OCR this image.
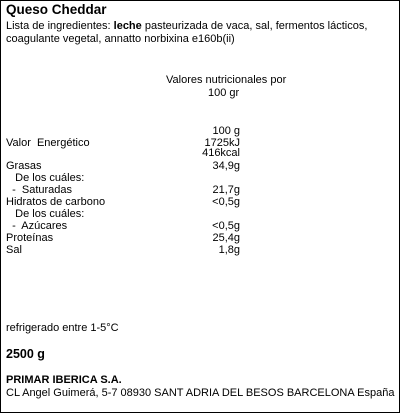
Queso Cheddar
Lista de ingredientes: leche pasteurizada de vaca, sal, fermentos lácticos,
coagulante vegetal, annatto norbixina e160b(ii)
Valores nutricionales por
100 gr
100 g
Valor  Energético	1725kJ
416kcal
Grasas	34,9g
De los cuáles:
-  Saturadas	21,7g
Hidratos de carbono	<0,5g
De los cuáles:
-  Azúcares	<0,5g
Proteínas	25,4g
Sal	1,8g
refrigerado entre 1-5°C
2500 g
PRIMAR IBERICA S.A.
CL Angel Guimerá, 5-7 08930 SANT ADRIA DEL BESOS BARCELONA España
